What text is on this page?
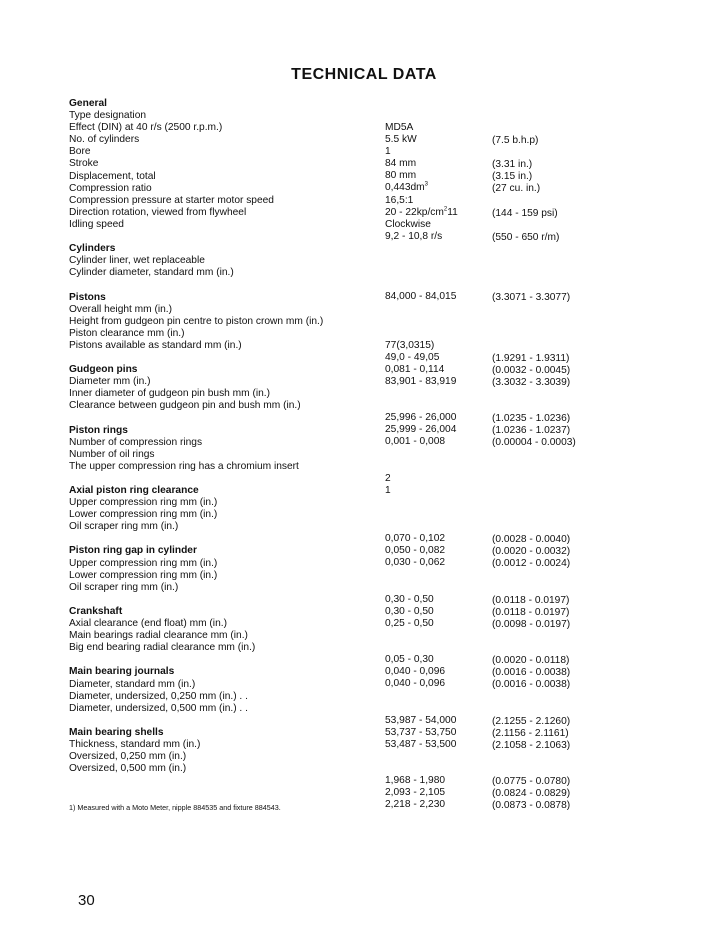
TECHNICAL DATA
General
Type designation
Effect (DIN) at 40 r/s (2500 r.p.m.)
No. of cylinders
Bore
Stroke
Displacement, total
Compression ratio
Compression pressure at starter motor speed
Direction rotation, viewed from flywheel
Idling speed
Cylinders
Cylinder liner, wet replaceable
Cylinder diameter, standard mm (in.)
Pistons
Overall height mm (in.)
Height from gudgeon pin centre to piston crown mm (in.)
Piston clearance mm (in.)
Pistons available as standard mm (in.)
Gudgeon pins
Diameter mm (in.)
Inner diameter of gudgeon pin bush mm (in.)
Clearance between gudgeon pin and bush mm (in.)
Piston rings
Number of compression rings
Number of oil rings
The upper compression ring has a chromium insert
Axial piston ring clearance
Upper compression ring mm (in.)
Lower compression ring mm (in.)
Oil scraper ring mm (in.)
Piston ring gap in cylinder
Upper compression ring mm (in.)
Lower compression ring mm (in.)
Oil scraper ring mm (in.)
Crankshaft
Axial clearance (end float) mm (in.)
Main bearings radial clearance mm (in.)
Big end bearing radial clearance mm (in.)
Main bearing journals
Diameter, standard mm (in.)
Diameter, undersized, 0,250 mm (in.) . .
Diameter, undersized, 0,500 mm (in.) . .
Main bearing shells
Thickness, standard mm (in.)
Oversized, 0,250 mm (in.)
Oversized, 0,500 mm (in.)
MD5A
5.5 kW
1
84 mm
80 mm
$0,443dm^3$
16,5:1
$20 - 22kp/cm^211$
Clockwise
9,2 - 10,8 r/s
84,000 - 84,015
77(3,0315)
49,0 - 49,05
0,081 - 0,114
83,901 - 83,919
25,996 - 26,000
25,999 - 26,004
0,001 - 0,008
2
1
0,070 - 0,102
0,050 - 0,082
0,030 - 0,062
0,30 - 0,50
0,30 - 0,50
0,25 - 0,50
0,05 - 0,30
0,040 - 0,096
0,040 - 0,096
53,987 - 54,000
53,737 - 53,750
53,487 - 53,500
1,968 - 1,980
2,093 - 2,105
2,218 - 2,230
(7.5 b.h.p)
(3.31 in.)
(3.15 in.)
(27 cu. in.)
(144 - 159 psi)
(550 - 650 r/m)
(3.3071 - 3.3077)
(1.9291 - 1.9311)
(0.0032 - 0.0045)
(3.3032 - 3.3039)
(1.0235 - 1.0236)
(1.0236 - 1.0237)
(0.00004 - 0.0003)
(0.0028 - 0.0040)
(0.0020 - 0.0032)
(0.0012 - 0.0024)
(0.0118 - 0.0197)
(0.0118 - 0.0197)
(0.0098 - 0.0197)
(0.0020 - 0.0118)
(0.0016 - 0.0038)
(0.0016 - 0.0038)
(2.1255 - 2.1260)
(2.1156 - 2.1161)
(2.1058 - 2.1063)
(0.0775 - 0.0780)
(0.0824 - 0.0829)
(0.0873 - 0.0878)
1) Measured with a Moto Meter, nipple 884535 and fixture 884543.
30
